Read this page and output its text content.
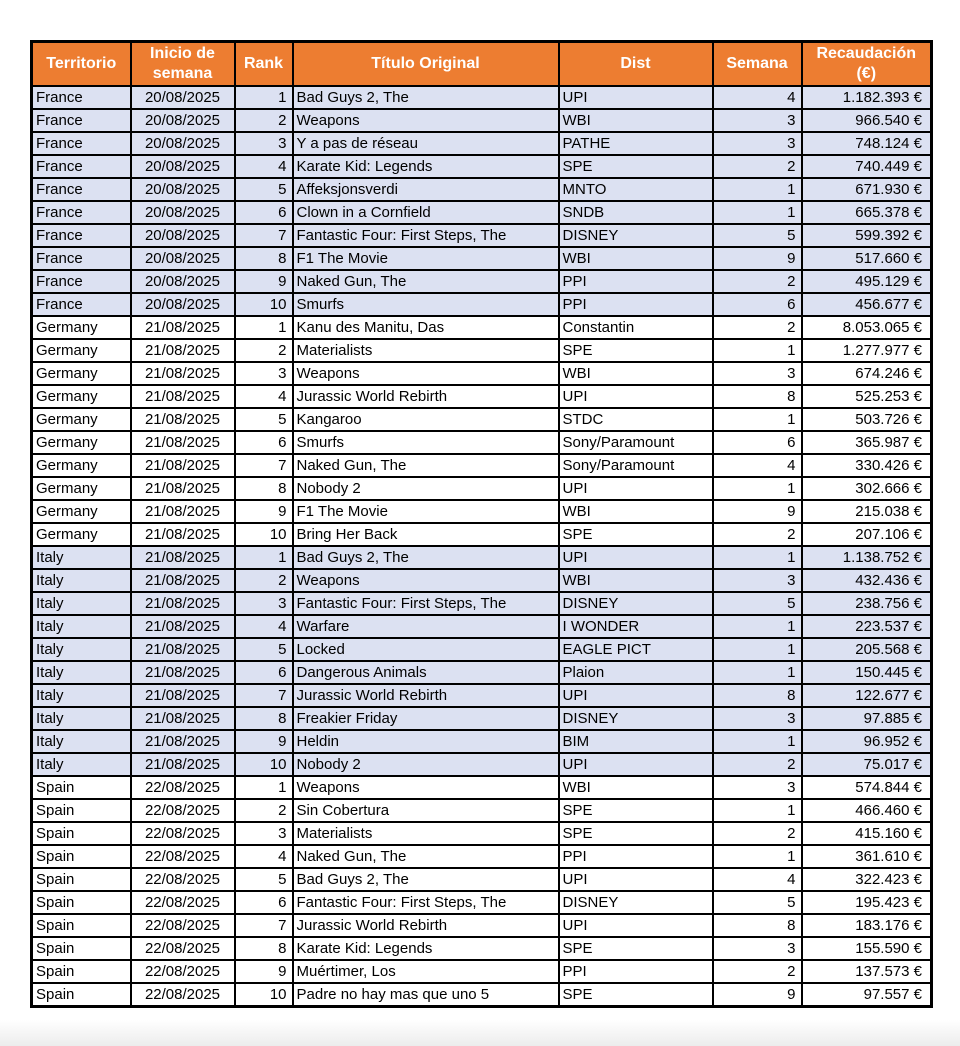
Territorio	Inicio de semana	Rank	Título Original	Dist	Semana	Recaudación (€)
France	20/08/2025	1	Bad Guys 2, The	UPI	4	1.182.393 €
France	20/08/2025	2	Weapons	WBI	3	966.540 €
France	20/08/2025	3	Y a pas de réseau	PATHE	3	748.124 €
France	20/08/2025	4	Karate Kid: Legends	SPE	2	740.449 €
France	20/08/2025	5	Affeksjonsverdi	MNTO	1	671.930 €
France	20/08/2025	6	Clown in a Cornfield	SNDB	1	665.378 €
France	20/08/2025	7	Fantastic Four: First Steps, The	DISNEY	5	599.392 €
France	20/08/2025	8	F1 The Movie	WBI	9	517.660 €
France	20/08/2025	9	Naked Gun, The	PPI	2	495.129 €
France	20/08/2025	10	Smurfs	PPI	6	456.677 €
Germany	21/08/2025	1	Kanu des Manitu, Das	Constantin	2	8.053.065 €
Germany	21/08/2025	2	Materialists	SPE	1	1.277.977 €
Germany	21/08/2025	3	Weapons	WBI	3	674.246 €
Germany	21/08/2025	4	Jurassic World Rebirth	UPI	8	525.253 €
Germany	21/08/2025	5	Kangaroo	STDC	1	503.726 €
Germany	21/08/2025	6	Smurfs	Sony/Paramount	6	365.987 €
Germany	21/08/2025	7	Naked Gun, The	Sony/Paramount	4	330.426 €
Germany	21/08/2025	8	Nobody 2	UPI	1	302.666 €
Germany	21/08/2025	9	F1 The Movie	WBI	9	215.038 €
Germany	21/08/2025	10	Bring Her Back	SPE	2	207.106 €
Italy	21/08/2025	1	Bad Guys 2, The	UPI	1	1.138.752 €
Italy	21/08/2025	2	Weapons	WBI	3	432.436 €
Italy	21/08/2025	3	Fantastic Four: First Steps, The	DISNEY	5	238.756 €
Italy	21/08/2025	4	Warfare	I WONDER	1	223.537 €
Italy	21/08/2025	5	Locked	EAGLE PICT	1	205.568 €
Italy	21/08/2025	6	Dangerous Animals	Plaion	1	150.445 €
Italy	21/08/2025	7	Jurassic World Rebirth	UPI	8	122.677 €
Italy	21/08/2025	8	Freakier Friday	DISNEY	3	97.885 €
Italy	21/08/2025	9	Heldin	BIM	1	96.952 €
Italy	21/08/2025	10	Nobody 2	UPI	2	75.017 €
Spain	22/08/2025	1	Weapons	WBI	3	574.844 €
Spain	22/08/2025	2	Sin Cobertura	SPE	1	466.460 €
Spain	22/08/2025	3	Materialists	SPE	2	415.160 €
Spain	22/08/2025	4	Naked Gun, The	PPI	1	361.610 €
Spain	22/08/2025	5	Bad Guys 2, The	UPI	4	322.423 €
Spain	22/08/2025	6	Fantastic Four: First Steps, The	DISNEY	5	195.423 €
Spain	22/08/2025	7	Jurassic World Rebirth	UPI	8	183.176 €
Spain	22/08/2025	8	Karate Kid: Legends	SPE	3	155.590 €
Spain	22/08/2025	9	Muértimer, Los	PPI	2	137.573 €
Spain	22/08/2025	10	Padre no hay mas que uno 5	SPE	9	97.557 €
